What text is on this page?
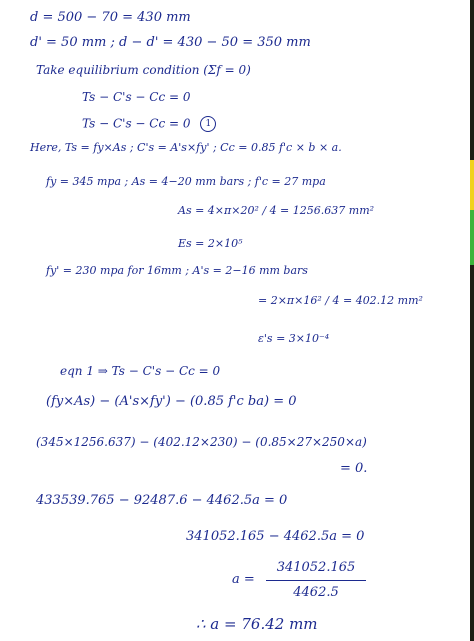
d = 500 − 70 = 430 mm
d' = 50 mm ; d − d' = 430 − 50 = 350 mm
Take equilibrium condition (Σf = 0)
Ts − C's − Cc = 0
Ts − C's − Cc = 0 1
Here, Ts = fy×As ; C's = A's×fy' ; Cc = 0.85 f'c × b × a.
fy = 345 mpa ; As = 4−20 mm bars ; f'c = 27 mpa
As = 4×π×20² / 4 = 1256.637 mm²
Es = 2×10⁵
fy' = 230 mpa for 16mm ; A's = 2−16 mm bars
= 2×π×16² / 4 = 402.12 mm²
ε's = 3×10⁻⁴
eqn 1 ⇒ Ts − C's − Cc = 0
(fy×As) − (A's×fy') − (0.85 f'c ba) = 0
(345×1256.637) − (402.12×230) − (0.85×27×250×a)
= 0.
433539.765 − 92487.6 − 4462.5a = 0
341052.165 − 4462.5a = 0
a =
341052.165
4462.5
∴ a = 76.42 mm
